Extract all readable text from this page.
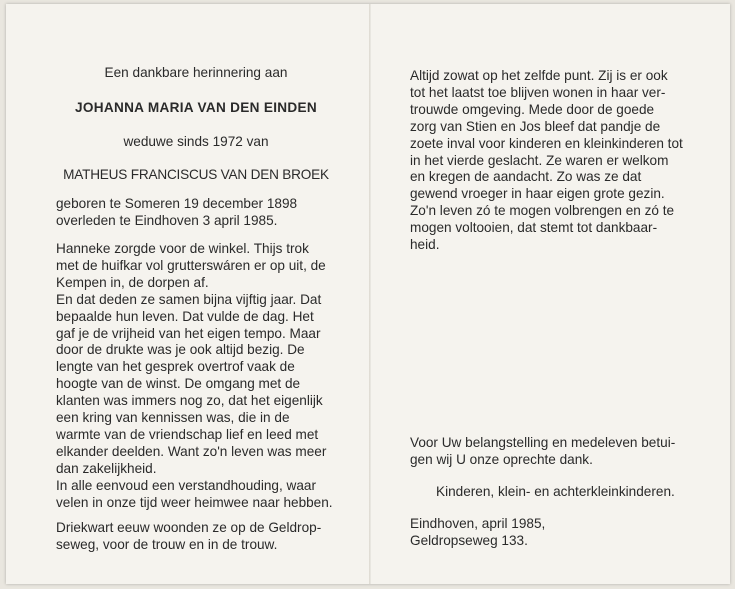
Een dankbare herinnering aan
JOHANNA MARIA VAN DEN EINDEN
weduwe sinds 1972 van
MATHEUS FRANCISCUS VAN DEN BROEK
geboren te Someren 19 december 1898
overleden te Eindhoven 3 april 1985.
Hanneke zorgde voor de winkel. Thijs trok
met de huifkar vol grutterswáren er op uit, de
Kempen in, de dorpen af.
En dat deden ze samen bijna vijftig jaar. Dat
bepaalde hun leven. Dat vulde de dag. Het
gaf je de vrijheid van het eigen tempo. Maar
door de drukte was je ook altijd bezig. De
lengte van het gesprek overtrof vaak de
hoogte van de winst. De omgang met de
klanten was immers nog zo, dat het eigenlijk
een kring van kennissen was, die in de
warmte van de vriendschap lief en leed met
elkander deelden. Want zo'n leven was meer
dan zakelijkheid.
In alle eenvoud een verstandhouding, waar
velen in onze tijd weer heimwee naar hebben.
Driekwart eeuw woonden ze op de Geldrop-
seweg, voor de trouw en in de trouw.
Altijd zowat op het zelfde punt. Zij is er ook
tot het laatst toe blijven wonen in haar ver-
trouwde omgeving. Mede door de goede
zorg van Stien en Jos bleef dat pandje de
zoete inval voor kinderen en kleinkinderen tot
in het vierde geslacht. Ze waren er welkom
en kregen de aandacht. Zo was ze dat
gewend vroeger in haar eigen grote gezin.
Zo'n leven zó te mogen volbrengen en zó te
mogen voltooien, dat stemt tot dankbaar-
heid.
Voor Uw belangstelling en medeleven betui-
gen wij U onze oprechte dank.
Kinderen, klein- en achterkleinkinderen.
Eindhoven, april 1985,
Geldropseweg 133.
